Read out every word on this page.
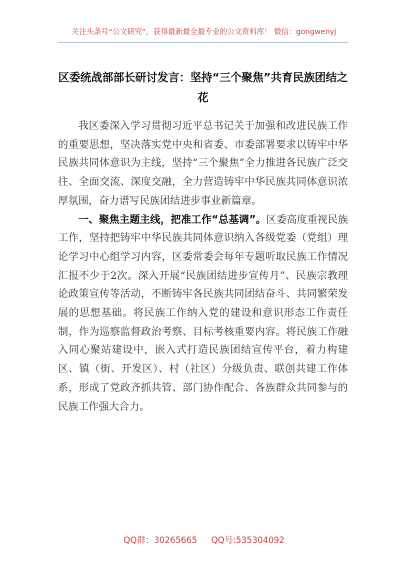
关注头条号“公文研究”，获得最新最全最专业的公文资料库！ 微信：gongwenyj
区委统战部部长研讨发言：坚持“三个聚焦”共育民族团结之花

我区委深入学习贯彻习近平总书记关于加强和改进民族工作的重要思想，坚决落实党中央和省委、市委部署要求以铸牢中华民族共同体意识为主线，坚持“三个聚焦”全力推进各民族广泛交往、全面交流、深度交融，全力营造铸牢中华民族共同体意识浓厚氛围，奋力谱写民族团结进步事业新篇章。

一、聚焦主题主线，把准工作“总基调”。区委高度重视民族工作，坚持把铸牢中华民族共同体意识纳入各级党委（党组）理论学习中心组学习内容，区委常委会每年专题听取民族工作情况汇报不少于2次。深入开展“民族团结进步宣传月”、民族宗教理论政策宣传等活动，不断铸牢各民族共同团结奋斗、共同繁荣发展的思想基础。将民族工作纳入党的建设和意识形态工作责任制，作为巡察监督政治考察、目标考核重要内容。将民族工作融入同心聚站建设中，嵌入式打造民族团结宣传平台，着力构建区、镇（街、开发区）、村（社区）分级负责、联创共建工作体系，形成了党政齐抓共管、部门协作配合、各族群众共同参与的民族工作强大合力。

QQ群：30265665 QQ号:535304092
